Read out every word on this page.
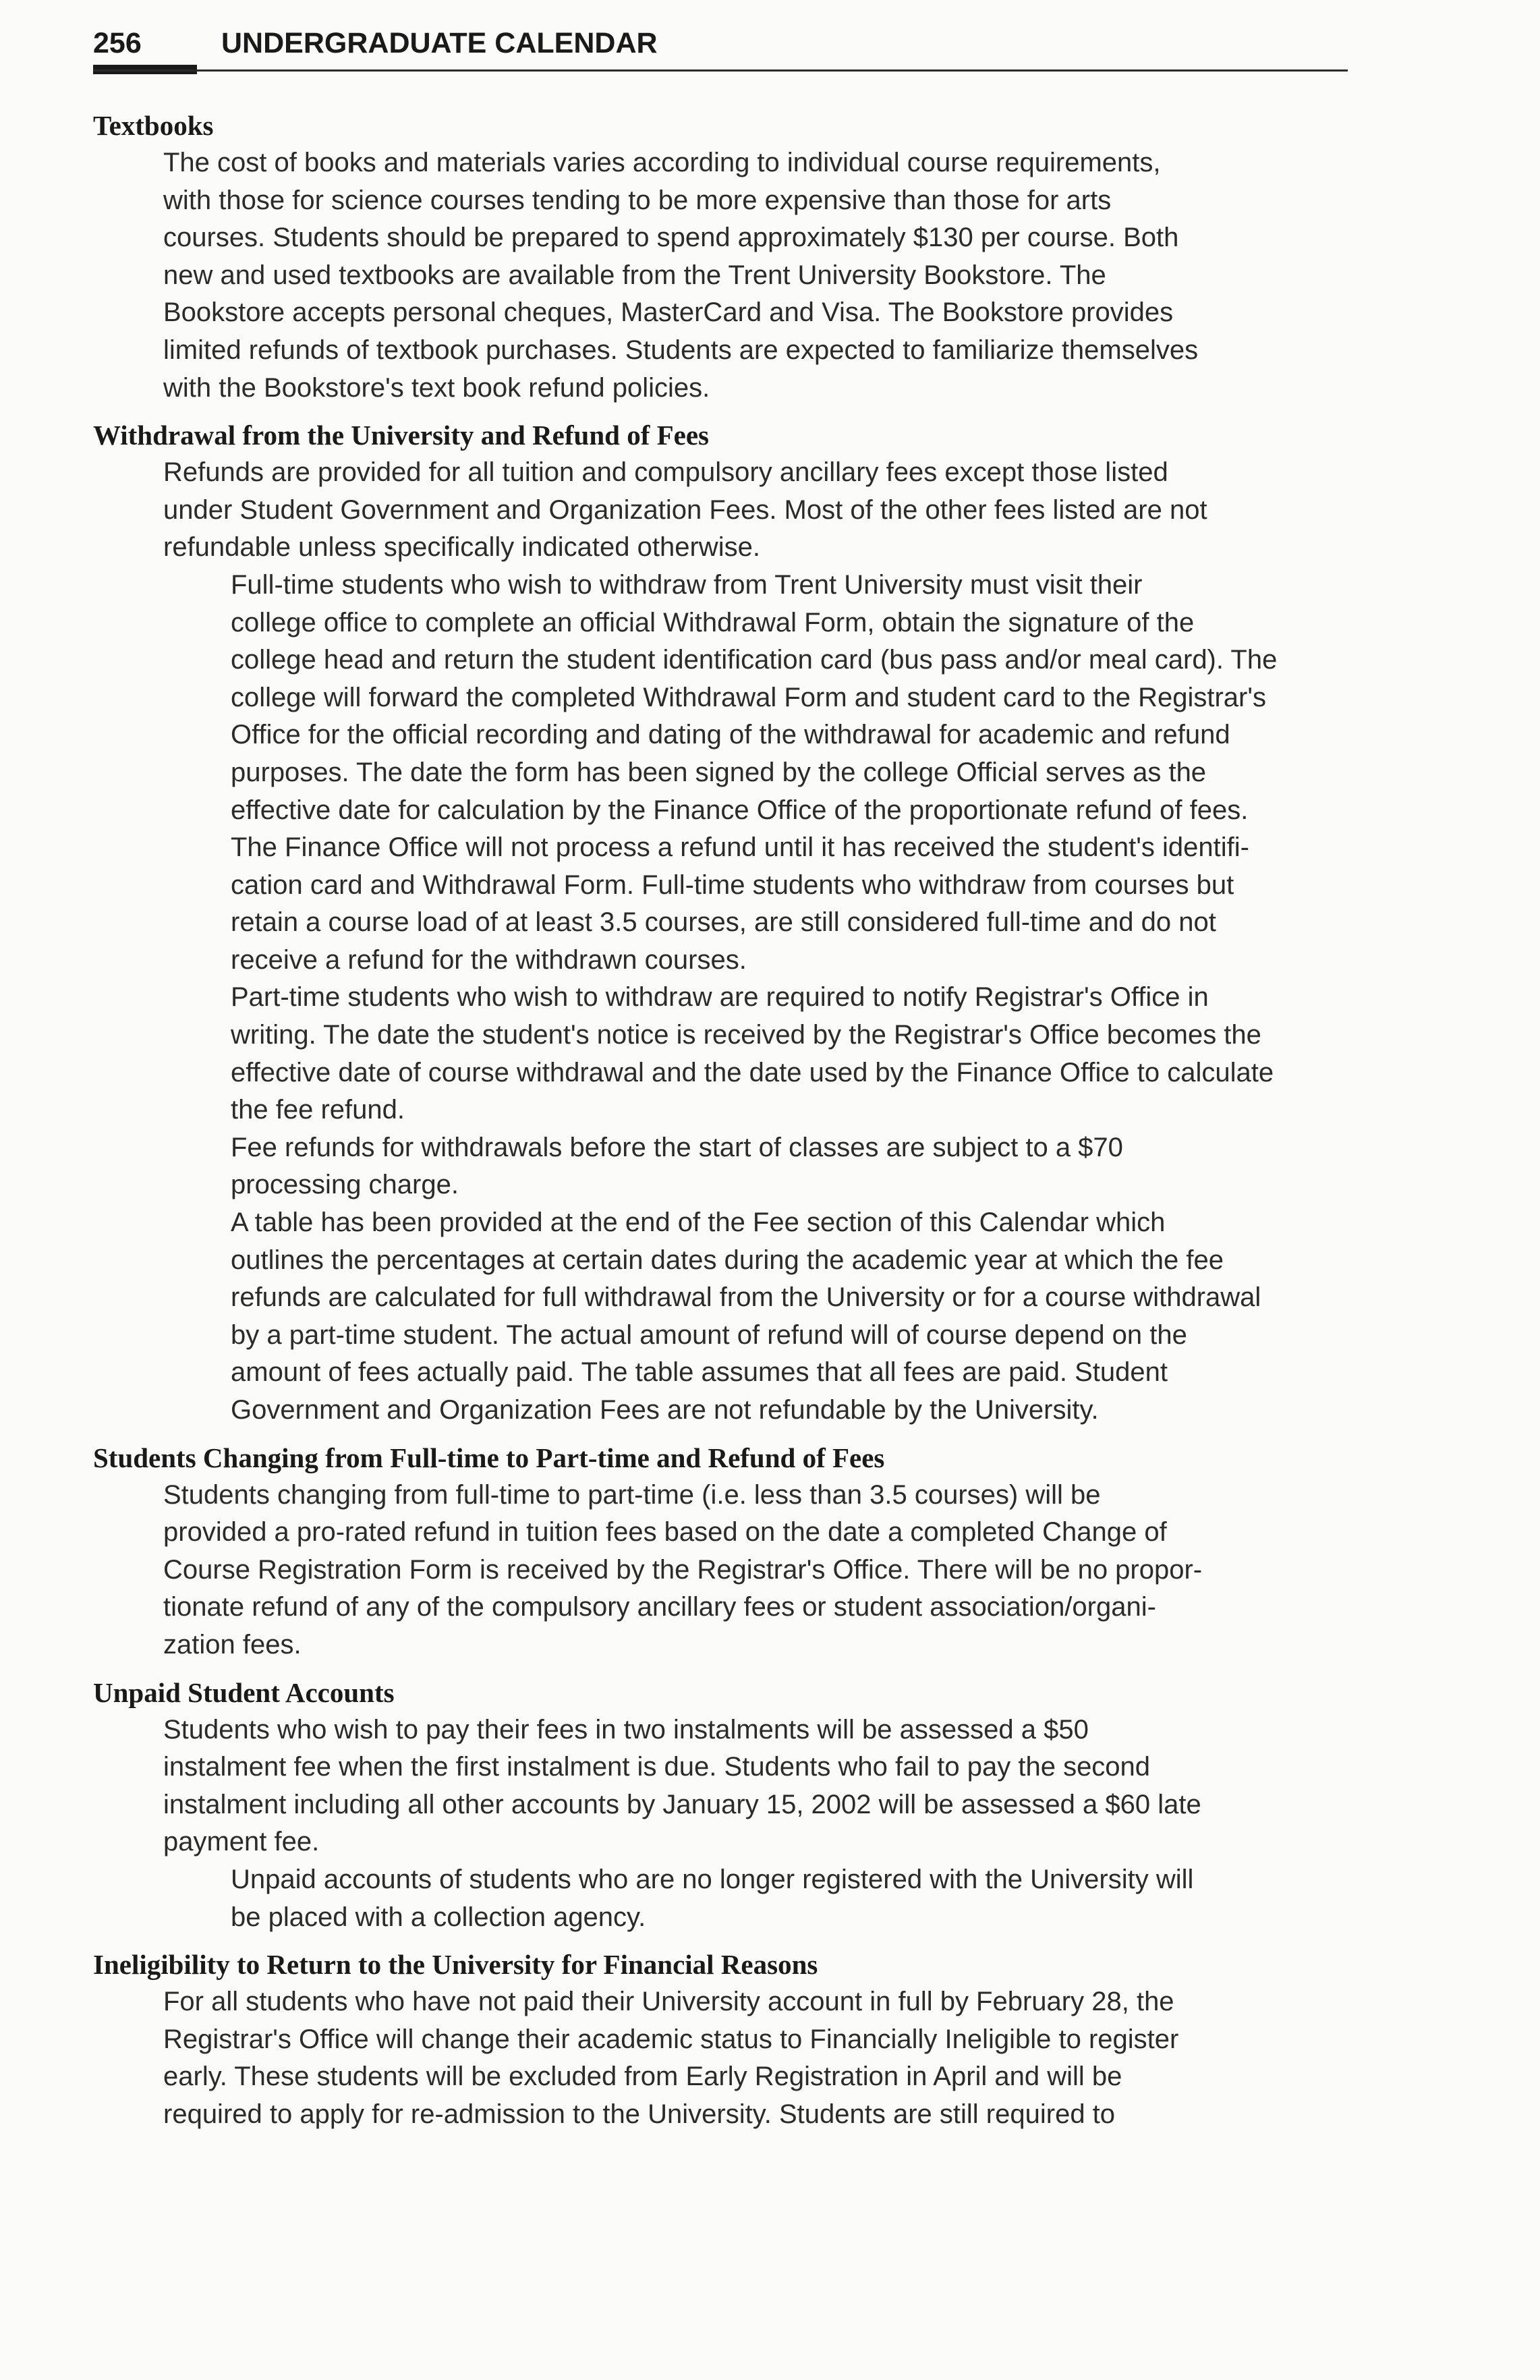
256	UNDERGRADUATE CALENDAR
Textbooks
The cost of books and materials varies according to individual course requirements,
with those for science courses tending to be more expensive than those for arts
courses. Students should be prepared to spend approximately $130 per course. Both
new and used textbooks are available from the Trent University Bookstore. The
Bookstore accepts personal cheques, MasterCard and Visa. The Bookstore provides
limited refunds of textbook purchases. Students are expected to familiarize themselves
with the Bookstore's text book refund policies.
Withdrawal from the University and Refund of Fees
Refunds are provided for all tuition and compulsory ancillary fees except those listed
under Student Government and Organization Fees. Most of the other fees listed are not
refundable unless specifically indicated otherwise.
Full-time students who wish to withdraw from Trent University must visit their
college office to complete an official Withdrawal Form, obtain the signature of the
college head and return the student identification card (bus pass and/or meal card). The
college will forward the completed Withdrawal Form and student card to the Registrar's
Office for the official recording and dating of the withdrawal for academic and refund
purposes. The date the form has been signed by the college Official serves as the
effective date for calculation by the Finance Office of the proportionate refund of fees.
The Finance Office will not process a refund until it has received the student's identifi-
cation card and Withdrawal Form. Full-time students who withdraw from courses but
retain a course load of at least 3.5 courses, are still considered full-time and do not
receive a refund for the withdrawn courses.
Part-time students who wish to withdraw are required to notify Registrar's Office in
writing. The date the student's notice is received by the Registrar's Office becomes the
effective date of course withdrawal and the date used by the Finance Office to calculate
the fee refund.
Fee refunds for withdrawals before the start of classes are subject to a $70
processing charge.
A table has been provided at the end of the Fee section of this Calendar which
outlines the percentages at certain dates during the academic year at which the fee
refunds are calculated for full withdrawal from the University or for a course withdrawal
by a part-time student. The actual amount of refund will of course depend on the
amount of fees actually paid. The table assumes that all fees are paid. Student
Government and Organization Fees are not refundable by the University.
Students Changing from Full-time to Part-time and Refund of Fees
Students changing from full-time to part-time (i.e. less than 3.5 courses) will be
provided a pro-rated refund in tuition fees based on the date a completed Change of
Course Registration Form is received by the Registrar's Office. There will be no propor-
tionate refund of any of the compulsory ancillary fees or student association/organi-
zation fees.
Unpaid Student Accounts
Students who wish to pay their fees in two instalments will be assessed a $50
instalment fee when the first instalment is due. Students who fail to pay the second
instalment including all other accounts by January 15, 2002 will be assessed a $60 late
payment fee.
Unpaid accounts of students who are no longer registered with the University will
be placed with a collection agency.
Ineligibility to Return to the University for Financial Reasons
For all students who have not paid their University account in full by February 28, the
Registrar's Office will change their academic status to Financially Ineligible to register
early. These students will be excluded from Early Registration in April and will be
required to apply for re-admission to the University. Students are still required to
